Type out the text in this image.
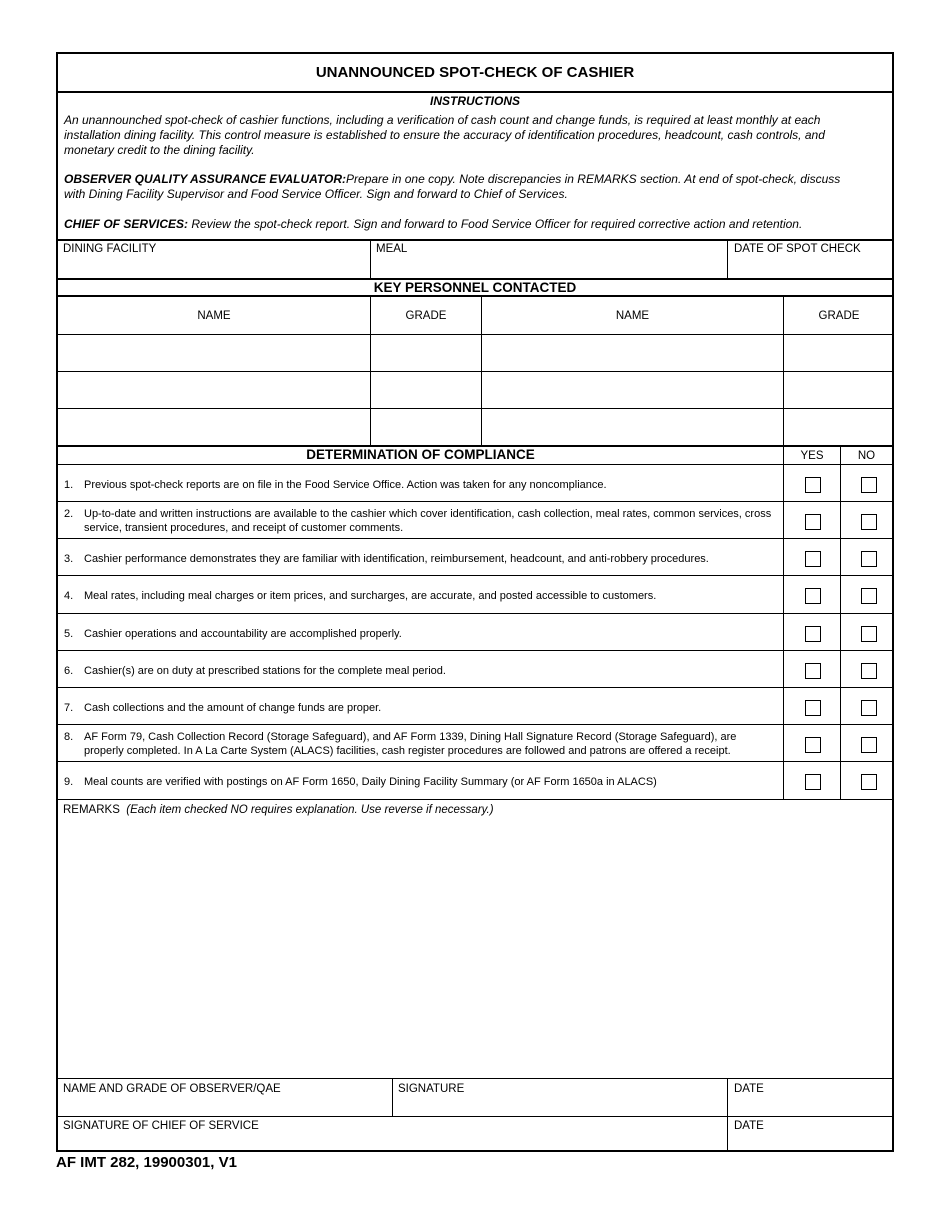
UNANNOUNCED SPOT-CHECK OF CASHIER
INSTRUCTIONS
An unannounched spot-check of cashier functions, including a verification of cash count and change funds, is required at least monthly at each installation dining facility. This control measure is established to ensure the accuracy of identification procedures, headcount, cash controls, and monetary credit to the dining facility.
OBSERVER QUALITY ASSURANCE EVALUATOR:Prepare in one copy. Note discrepancies in REMARKS section. At end of spot-check, discuss with Dining Facility Supervisor and Food Service Officer. Sign and forward to Chief of Services.
CHIEF OF SERVICES: Review the spot-check report. Sign and forward to Food Service Officer for required corrective action and retention.
DINING FACILITY	MEAL	DATE OF SPOT CHECK
KEY PERSONNEL CONTACTED
NAME	GRADE	NAME	GRADE
DETERMINATION OF COMPLIANCE	YES	NO
1. Previous spot-check reports are on file in the Food Service Office. Action was taken for any noncompliance.
2. Up-to-date and written instructions are available to the cashier which cover identification, cash collection, meal rates, common services, cross service, transient procedures, and receipt of customer comments.
3. Cashier performance demonstrates they are familiar with identification, reimbursement, headcount, and anti-robbery procedures.
4. Meal rates, including meal charges or item prices, and surcharges, are accurate, and posted accessible to customers.
5. Cashier operations and accountability are accomplished properly.
6. Cashier(s) are on duty at prescribed stations for the complete meal period.
7. Cash collections and the amount of change funds are proper.
8. AF Form 79, Cash Collection Record (Storage Safeguard), and AF Form 1339, Dining Hall Signature Record (Storage Safeguard), are properly completed. In A La Carte System (ALACS) facilities, cash register procedures are followed and patrons are offered a receipt.
9. Meal counts are verified with postings on AF Form 1650, Daily Dining Facility Summary (or AF Form 1650a in ALACS)
REMARKS (Each item checked NO requires explanation. Use reverse if necessary.)
NAME AND GRADE OF OBSERVER/QAE	SIGNATURE	DATE
SIGNATURE OF CHIEF OF SERVICE	DATE
AF IMT 282, 19900301, V1
